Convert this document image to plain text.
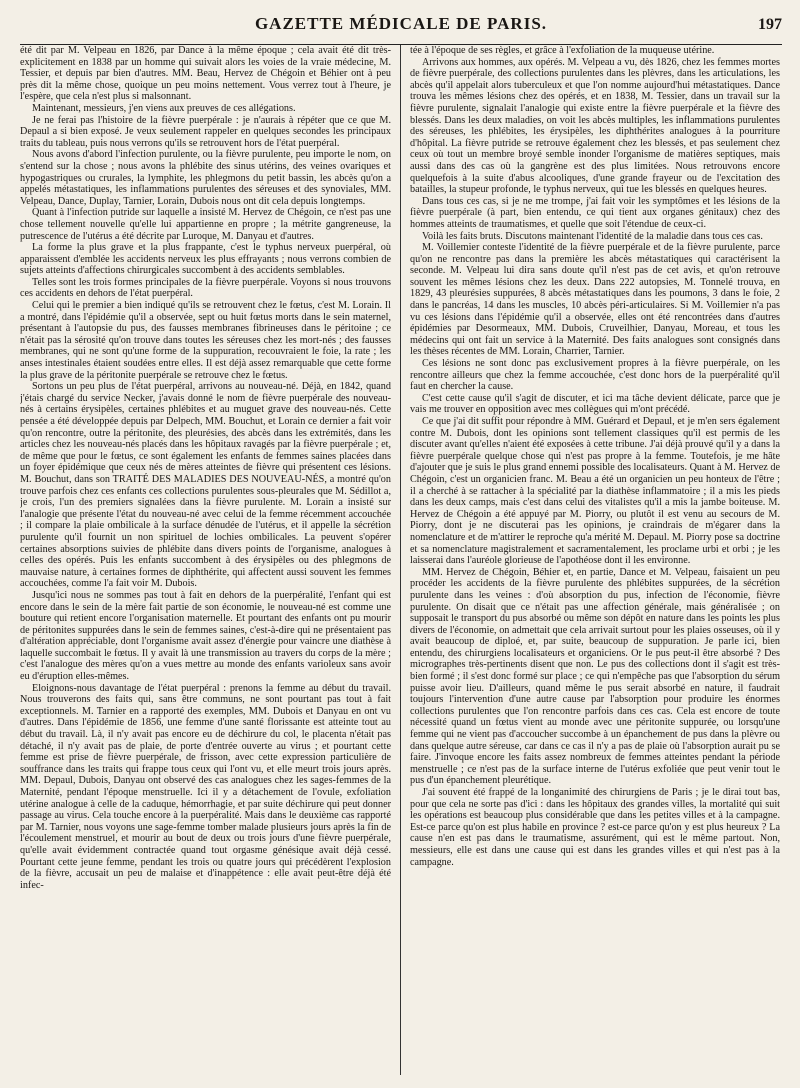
GAZETTE MÉDICALE DE PARIS.	197

été dit par M. Velpeau en 1826, par Dance à la même époque ; cela avait été dit très-explicitement en 1838 par un homme qui suivait alors les voies de la vraie médecine, M. Tessier, et depuis par bien d'autres. MM. Beau, Hervez de Chégoin et Béhier ont à peu près dit la même chose, quoique un peu moins nettement. Vous verrez tout à l'heure, je l'espère, que cela n'est plus si malsonnant.

Maintenant, messieurs, j'en viens aux preuves de ces allégations.

Je ne ferai pas l'histoire de la fièvre puerpérale : je n'aurais à répéter que ce que M. Depaul a si bien exposé. Je veux seulement rappeler en quelques secondes les principaux traits du tableau, puis nous verrons qu'ils se retrouvent hors de l'état puerpéral.

Nous avons d'abord l'infection purulente, ou la fièvre purulente, peu importe le nom, on s'entend sur la chose ; nous avons la phlébite des sinus utérins, des veines ovariques et hypogastriques ou crurales, la lymphite, les phlegmons du petit bassin, les abcès qu'on a appelés métastatiques, les inflammations purulentes des séreuses et des synoviales, MM. Velpeau, Dance, Duplay, Tarnier, Lorain, Dubois nous ont dit cela depuis longtemps.

Quant à l'infection putride sur laquelle a insisté M. Hervez de Chégoin, ce n'est pas une chose tellement nouvelle qu'elle lui appartienne en propre ; la métrite gangreneuse, la putrescence de l'utérus a été décrite par Luroque, M. Danyau et d'autres.

La forme la plus grave et la plus frappante, c'est le typhus nerveux puerpéral, où apparaissent d'emblée les accidents nerveux les plus effrayants ; nous verrons combien de sujets atteints d'affections chirurgicales succombent à des accidents semblables.

Telles sont les trois formes principales de la fièvre puerpérale. Voyons si nous trouvons ces accidents en dehors de l'état puerpéral.

Celui qui le premier a bien indiqué qu'ils se retrouvent chez le fœtus, c'est M. Lorain. Il a montré, dans l'épidémie qu'il a observée, sept ou huit fœtus morts dans le sein maternel, présentant à l'autopsie du pus, des fausses membranes fibrineuses dans le péritoine ; ce n'était pas la sérosité qu'on trouve dans toutes les séreuses chez les mort-nés ; des fausses membranes, qui ne sont qu'une forme de la suppuration, recouvraient le foie, la rate ; les anses intestinales étaient soudées entre elles. Il est déjà assez remarquable que cette forme la plus grave de la péritonite puerpérale se retrouve chez le fœtus.

Sortons un peu plus de l'état puerpéral, arrivons au nouveau-né. Déjà, en 1842, quand j'étais chargé du service Necker, j'avais donné le nom de fièvre puerpérale des nouveau-nés à certains érysipèles, certaines phlébites et au muguet grave des nouveau-nés. Cette pensée a été développée depuis par Delpech, MM. Bouchut, et Lorain ce dernier a fait voir qu'on rencontre, outre la péritonite, des pleurésies, des abcès dans les extrémités, dans les articles chez les nouveau-nés placés dans les hôpitaux ravagés par la fièvre puerpérale ; et, de même que pour le fœtus, ce sont également les enfants de femmes saines placées dans un foyer épidémique que ceux nés de mères atteintes de fièvre qui présentent ces lésions. M. Bouchut, dans son TRAITÉ DES MALADIES DES NOUVEAU-NÉS, a montré qu'on trouve parfois chez ces enfants ces collections purulentes sous-pleurales que M. Sédillot a, je crois, l'un des premiers signalées dans la fièvre purulente. M. Lorain a insisté sur l'analogie que présente l'état du nouveau-né avec celui de la femme récemment accouchée ; il compare la plaie ombilicale à la surface dénudée de l'utérus, et il appelle la sécrétion purulente qu'il fournit un non spirituel de lochies ombilicales. La peuvent s'opérer certaines absorptions suivies de phlébite dans divers points de l'organisme, analogues à celles des opérés. Puis les enfants succombent à des érysipèles ou des phlegmons de mauvaise nature, à certaines formes de diphthérite, qui affectent aussi souvent les femmes accouchées, comme l'a fait voir M. Dubois.

Jusqu'ici nous ne sommes pas tout à fait en dehors de la puerpéralité, l'enfant qui est encore dans le sein de la mère fait partie de son économie, le nouveau-né est comme une bouture qui retient encore l'organisation maternelle. Et pourtant des enfants ont pu mourir de péritonites suppurées dans le sein de femmes saines, c'est-à-dire qui ne présentaient pas d'altération appréciable, dont l'organisme avait assez d'énergie pour vaincre une diathèse à laquelle succombait le fœtus. Il y avait là une transmission au travers du corps de la mère ; c'est l'analogue des mères qu'on a vues mettre au monde des enfants varioleux sans avoir eu d'éruption elles-mêmes.

Eloignons-nous davantage de l'état puerpéral : prenons la femme au début du travail. Nous trouverons des faits qui, sans être communs, ne sont pourtant pas tout à fait exceptionnels. M. Tarnier en a rapporté des exemples, MM. Dubois et Danyau en ont vu d'autres. Dans l'épidémie de 1856, une femme d'une santé florissante est atteinte tout au début du travail. Là, il n'y avait pas encore eu de déchirure du col, le placenta n'était pas détaché, il n'y avait pas de plaie, de porte d'entrée ouverte au virus ; et pourtant cette femme est prise de fièvre puerpérale, de frisson, avec cette expression particulière de souffrance dans les traits qui frappe tous ceux qui l'ont vu, et elle meurt trois jours après. MM. Depaul, Dubois, Danyau ont observé des cas analogues chez les sages-femmes de la Maternité, pendant l'époque menstruelle. Ici il y a détachement de l'ovule, exfoliation utérine analogue à celle de la caduque, hémorrhagie, et par suite déchirure qui peut donner passage au virus. Cela touche encore à la puerpéralité. Mais dans le deuxième cas rapporté par M. Tarnier, nous voyons une sage-femme tomber malade plusieurs jours après la fin de l'écoulement menstruel, et mourir au bout de deux ou trois jours d'une fièvre puerpérale, qu'elle avait évidemment contractée quand tout orgasme génésique avait déjà cessé. Pourtant cette jeune femme, pendant les trois ou quatre jours qui précédèrent l'explosion de la fièvre, accusait un peu de malaise et d'inappétence : elle avait peut-être déjà été infec-

tée à l'époque de ses règles, et grâce à l'exfoliation de la muqueuse utérine.

Arrivons aux hommes, aux opérés. M. Velpeau a vu, dès 1826, chez les femmes mortes de fièvre puerpérale, des collections purulentes dans les plèvres, dans les articulations, les abcès qu'il appelait alors tuberculeux et que l'on nomme aujourd'hui métastatiques. Dance trouva les mêmes lésions chez des opérés, et en 1838, M. Tessier, dans un travail sur la fièvre purulente, signalait l'analogie qui existe entre la fièvre puerpérale et la fièvre des blessés. Dans les deux maladies, on voit les abcès multiples, les inflammations purulentes des séreuses, les phlébites, les érysipèles, les diphthérites analogues à la pourriture d'hôpital. La fièvre putride se retrouve également chez les blessés, et pas seulement chez ceux où tout un membre broyé semble inonder l'organisme de matières septiques, mais aussi dans des cas où la gangrène est des plus limitées. Nous retrouvons encore quelquefois à la suite d'abus alcooliques, d'une grande frayeur ou de l'excitation des batailles, la stupeur profonde, le typhus nerveux, qui tue les blessés en quelques heures.

Dans tous ces cas, si je ne me trompe, j'ai fait voir les symptômes et les lésions de la fièvre puerpérale (à part, bien entendu, ce qui tient aux organes génitaux) chez des hommes atteints de traumatismes, et quelle que soit l'étendue de ceux-ci.

Voilà les faits bruts. Discutons maintenant l'identité de la maladie dans tous ces cas.

M. Voillemier conteste l'identité de la fièvre puerpérale et de la fièvre purulente, parce qu'on ne rencontre pas dans la première les abcès métastatiques qui caractérisent la seconde. M. Velpeau lui dira sans doute qu'il n'est pas de cet avis, et qu'on retrouve souvent les mêmes lésions chez les deux. Dans 222 autopsies, M. Tonnelé trouva, en 1829, 43 pleurésies suppurées, 8 abcès métastatiques dans les poumons, 3 dans le foie, 2 dans le pancréas, 14 dans les muscles, 10 abcès péri-articulaires. Si M. Voillemier n'a pas vu ces lésions dans l'épidémie qu'il a observée, elles ont été rencontrées dans d'autres épidémies par Desormeaux, MM. Dubois, Cruveilhier, Danyau, Moreau, et tous les médecins qui ont fait un service à la Maternité. Des faits analogues sont consignés dans les thèses récentes de MM. Lorain, Charrier, Tarnier.

Ces lésions ne sont donc pas exclusivement propres à la fièvre puerpérale, on les rencontre ailleurs que chez la femme accouchée, c'est donc hors de la puerpéralité qu'il faut en chercher la cause.

C'est cette cause qu'il s'agit de discuter, et ici ma tâche devient délicate, parce que je vais me trouver en opposition avec mes collègues qui m'ont précédé.

Ce que j'ai dit suffit pour répondre à MM. Guérard et Depaul, et je m'en sers également contre M. Dubois, dont les opinions sont tellement classiques qu'il est permis de les discuter avant qu'elles n'aient été exposées à cette tribune. J'ai déjà prouvé qu'il y a dans la fièvre puerpérale quelque chose qui n'est pas propre à la femme. Toutefois, je me hâte d'ajouter que je suis le plus grand ennemi possible des localisateurs. Quant à M. Hervez de Chégoin, c'est un organicien franc. M. Beau a été un organicien un peu honteux de l'être ; il a cherché à se rattacher à la spécialité par la diathèse inflammatoire ; il a mis les pieds dans les deux camps, mais c'est dans celui des vitalistes qu'il a mis la jambe boiteuse. M. Hervez de Chégoin a été appuyé par M. Piorry, ou plutôt il est venu au secours de M. Piorry, dont je ne discuterai pas les opinions, je craindrais de m'égarer dans la nomenclature et de m'attirer le reproche qu'a mérité M. Depaul. M. Piorry pose sa doctrine et sa nomenclature magistralement et sacramentalement, les proclame urbi et orbi ; je les laisserai dans l'auréole glorieuse de l'apothéose dont il les environne.

MM. Hervez de Chégoin, Béhier et, en partie, Dance et M. Velpeau, faisaient un peu procéder les accidents de la fièvre purulente des phlébites suppurées, de la sécrétion purulente dans les veines : d'où absorption du pus, infection de l'économie, fièvre purulente. On disait que ce n'était pas une affection générale, mais généralisée ; on supposait le transport du pus absorbé ou même son dépôt en nature dans les points les plus divers de l'économie, on admettait que cela arrivait surtout pour les plaies osseuses, où il y avait beaucoup de diploé, et, par suite, beaucoup de suppuration. Je parle ici, bien entendu, des chirurgiens localisateurs et organiciens. Or le pus peut-il être absorbé ? Des micrographes très-pertinents disent que non. Le pus des collections dont il s'agit est très-bien formé ; il s'est donc formé sur place ; ce qui n'empêche pas que l'absorption du sérum puisse avoir lieu. D'ailleurs, quand même le pus serait absorbé en nature, il faudrait toujours l'intervention d'une autre cause par l'absorption pour produire les énormes collections purulentes que l'on rencontre parfois dans ces cas. Cela est encore de toute nécessité quand un fœtus vient au monde avec une péritonite suppurée, ou lorsqu'une femme qui ne vient pas d'accoucher succombe à un épanchement de pus dans la plèvre ou dans quelque autre séreuse, car dans ce cas il n'y a pas de plaie où l'absorption aurait pu se faire. J'invoque encore les faits assez nombreux de femmes atteintes pendant la période menstruelle ; ce n'est pas de la surface interne de l'utérus exfoliée que peut venir tout le pus d'un épanchement pleurétique.

J'ai souvent été frappé de la longanimité des chirurgiens de Paris ; je le dirai tout bas, pour que cela ne sorte pas d'ici : dans les hôpitaux des grandes villes, la mortalité qui suit les opérations est beaucoup plus considérable que dans les petites villes et à la campagne. Est-ce parce qu'on est plus habile en province ? est-ce parce qu'on y est plus heureux ? La cause n'en est pas dans le traumatisme, assurément, qui est le même partout. Non, messieurs, elle est dans une cause qui est dans les grandes villes et qui n'est pas à la campagne.
